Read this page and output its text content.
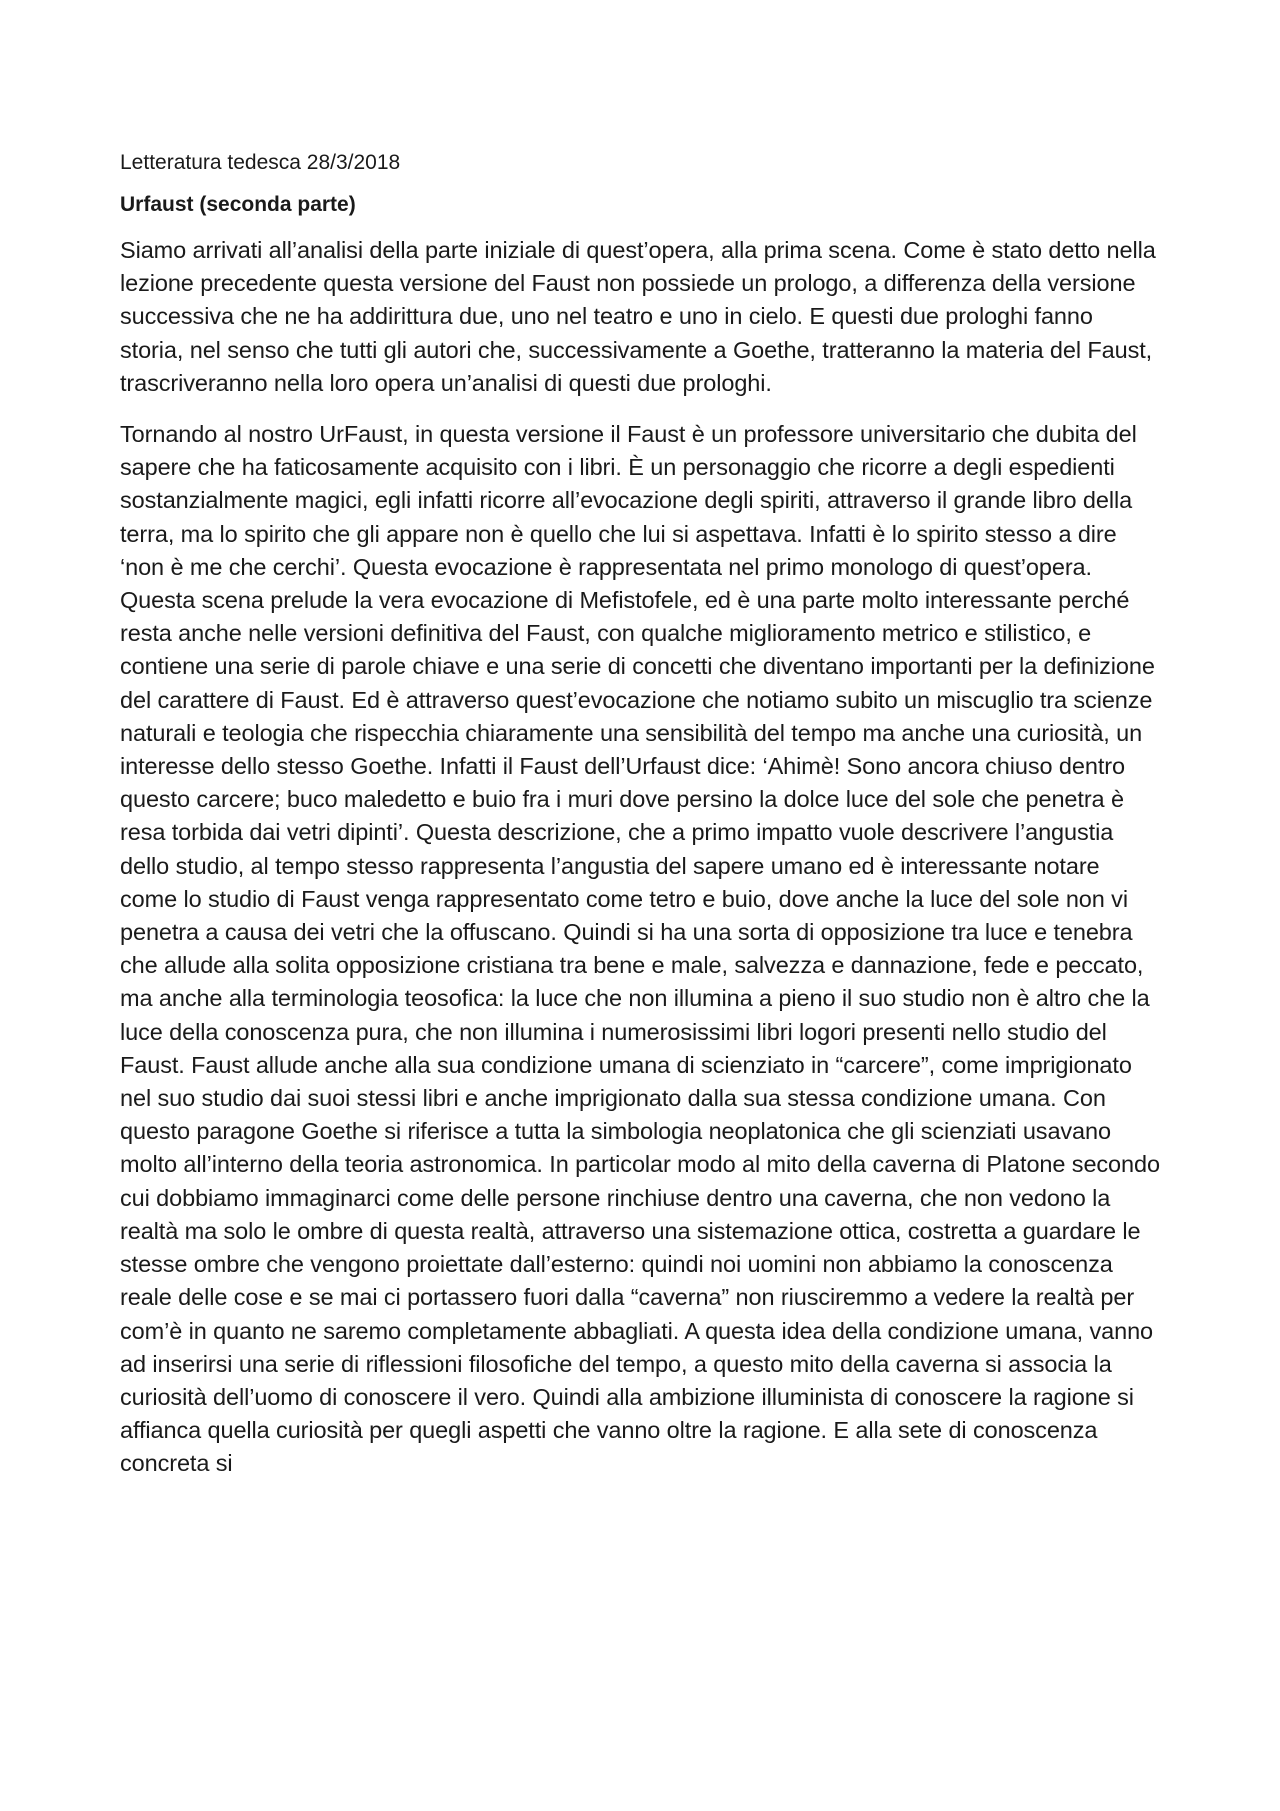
Letteratura tedesca 28/3/2018
Urfaust (seconda parte)

Siamo arrivati all’analisi della parte iniziale di quest’opera, alla prima scena. Come è stato detto nella lezione precedente questa versione del Faust non possiede un prologo, a differenza della versione successiva che ne ha addirittura due, uno nel teatro e uno in cielo. E questi due prologhi fanno storia, nel senso che tutti gli autori che, successivamente a Goethe, tratteranno la materia del Faust, trascriveranno nella loro opera un’analisi di questi due prologhi.

Tornando al nostro UrFaust, in questa versione il Faust è un professore universitario che dubita del sapere che ha faticosamente acquisito con i libri. È un personaggio che ricorre a degli espedienti sostanzialmente magici, egli infatti ricorre all’evocazione degli spiriti, attraverso il grande libro della terra, ma lo spirito che gli appare non è quello che lui si aspettava. Infatti è lo spirito stesso a dire ‘non è me che cerchi’. Questa evocazione è rappresentata nel primo monologo di quest’opera. Questa scena prelude la vera evocazione di Mefistofele, ed è una parte molto interessante perché resta anche nelle versioni definitiva del Faust, con qualche miglioramento metrico e stilistico, e contiene una serie di parole chiave e una serie di concetti che diventano importanti per la definizione del carattere di Faust. Ed è attraverso quest’evocazione che notiamo subito un miscuglio tra scienze naturali e teologia che rispecchia chiaramente una sensibilità del tempo ma anche una curiosità, un interesse dello stesso Goethe. Infatti il Faust dell’Urfaust dice: ‘Ahimè! Sono ancora chiuso dentro questo carcere; buco maledetto e buio fra i muri dove persino la dolce luce del sole che penetra è resa torbida dai vetri dipinti’. Questa descrizione, che a primo impatto vuole descrivere l’angustia dello studio, al tempo stesso rappresenta l’angustia del sapere umano ed è interessante notare come lo studio di Faust venga rappresentato come tetro e buio, dove anche la luce del sole non vi penetra a causa dei vetri che la offuscano. Quindi si ha una sorta di opposizione tra luce e tenebra che allude alla solita opposizione cristiana tra bene e male, salvezza e dannazione, fede e peccato, ma anche alla terminologia teosofica: la luce che non illumina a pieno il suo studio non è altro che la luce della conoscenza pura, che non illumina i numerosissimi libri logori presenti nello studio del Faust. Faust allude anche alla sua condizione umana di scienziato in “carcere”, come imprigionato nel suo studio dai suoi stessi libri e anche imprigionato dalla sua stessa condizione umana. Con questo paragone Goethe si riferisce a tutta la simbologia neoplatonica che gli scienziati usavano molto all’interno della teoria astronomica. In particolar modo al mito della caverna di Platone secondo cui dobbiamo immaginarci come delle persone rinchiuse dentro una caverna, che non vedono la realtà ma solo le ombre di questa realtà, attraverso una sistemazione ottica, costretta a guardare le stesse ombre che vengono proiettate dall’esterno: quindi noi uomini non abbiamo la conoscenza reale delle cose e se mai ci portassero fuori dalla “caverna” non riusciremmo a vedere la realtà per com’è in quanto ne saremo completamente abbagliati. A questa idea della condizione umana, vanno ad inserirsi una serie di riflessioni filosofiche del tempo, a questo mito della caverna si associa la curiosità dell’uomo di conoscere il vero. Quindi alla ambizione illuminista di conoscere la ragione si affianca quella curiosità per quegli aspetti che vanno oltre la ragione. E alla sete di conoscenza concreta si
